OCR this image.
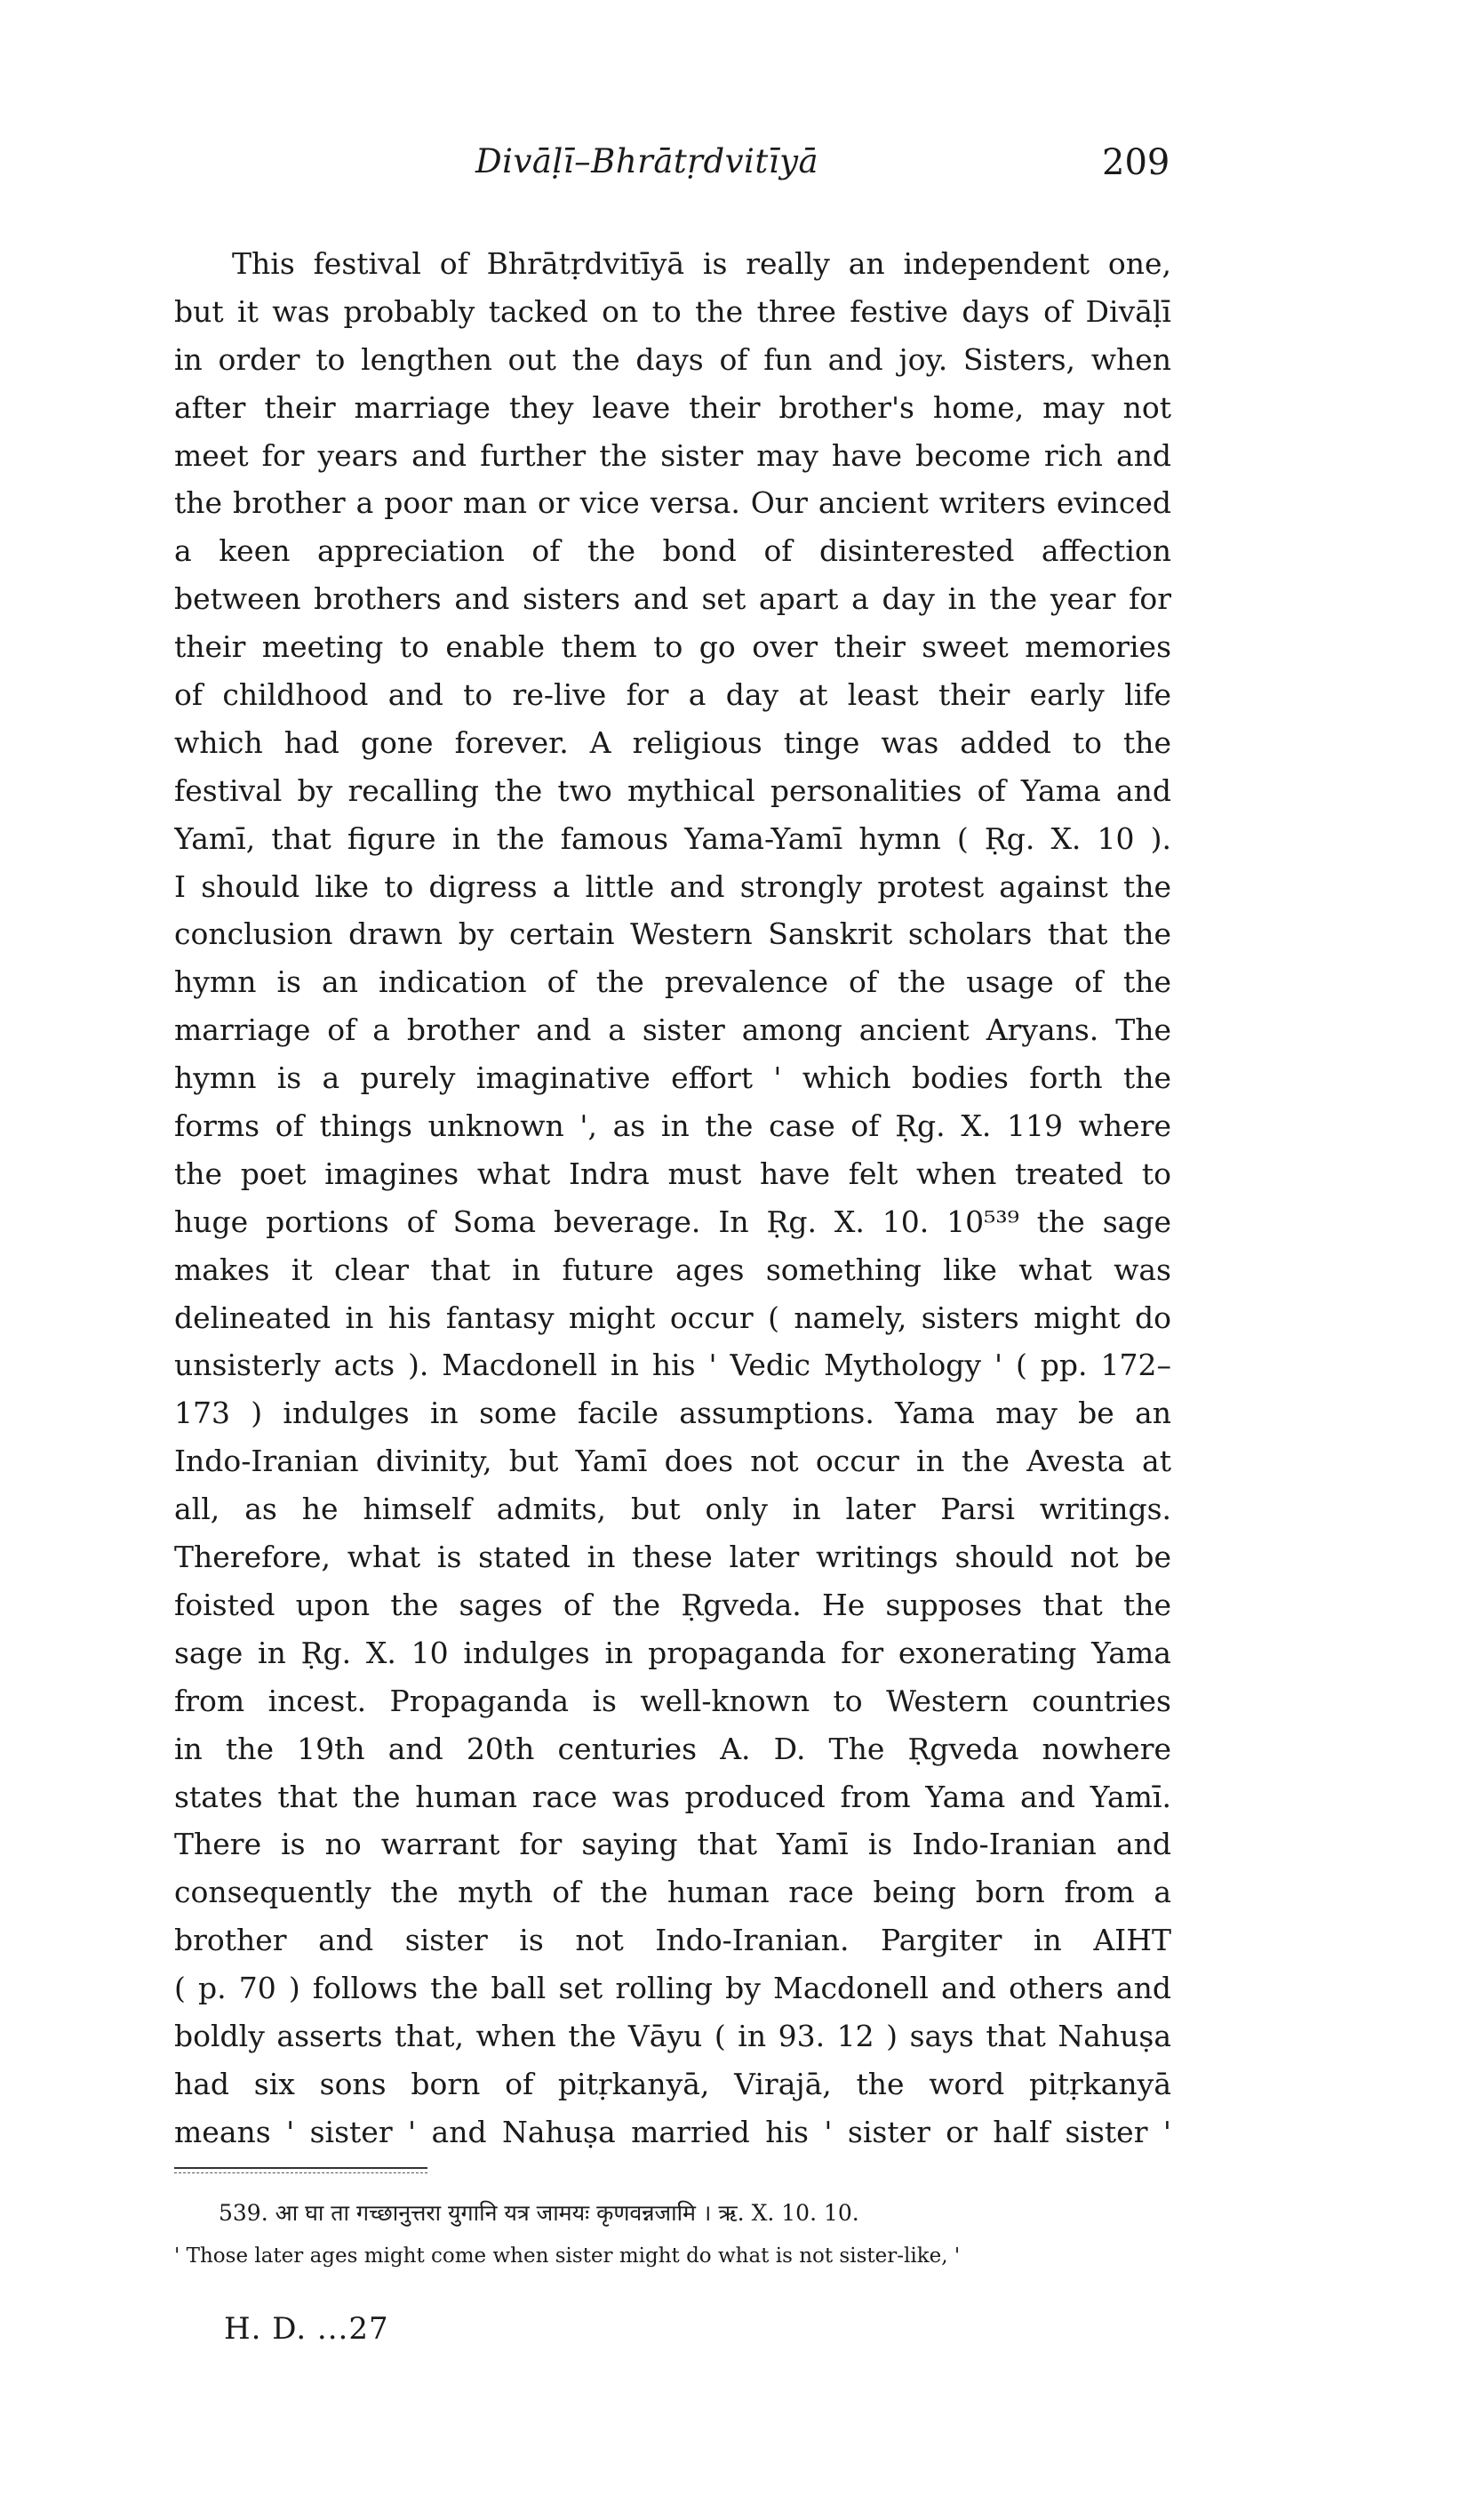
Divāḷī–Bhrātṛdvitīyā	209
This festival of Bhrātṛdvitīyā is really an independent one,
but it was probably tacked on to the three festive days of Divāḷī
in order to lengthen out the days of fun and joy. Sisters, when
after their marriage they leave their brother's home, may not
meet for years and further the sister may have become rich and
the brother a poor man or vice versa. Our ancient writers evinced
a keen appreciation of the bond of disinterested affection
between brothers and sisters and set apart a day in the year for
their meeting to enable them to go over their sweet memories
of childhood and to re-live for a day at least their early life
which had gone forever. A religious tinge was added to the
festival by recalling the two mythical personalities of Yama and
Yamī, that figure in the famous Yama-Yamī hymn ( Ṛg. X. 10 ).
I should like to digress a little and strongly protest against the
conclusion drawn by certain Western Sanskrit scholars that the
hymn is an indication of the prevalence of the usage of the
marriage of a brother and a sister among ancient Aryans. The
hymn is a purely imaginative effort ' which bodies forth the
forms of things unknown ', as in the case of Ṛg. X. 119 where
the poet imagines what Indra must have felt when treated to
huge portions of Soma beverage. In Ṛg. X. 10. 10⁵³⁹ the sage
makes it clear that in future ages something like what was
delineated in his fantasy might occur ( namely, sisters might do
unsisterly acts ). Macdonell in his ' Vedic Mythology ' ( pp. 172–
173 ) indulges in some facile assumptions. Yama may be an
Indo-Iranian divinity, but Yamī does not occur in the Avesta at
all, as he himself admits, but only in later Parsi writings.
Therefore, what is stated in these later writings should not be
foisted upon the sages of the Ṛgveda. He supposes that the
sage in Ṛg. X. 10 indulges in propaganda for exonerating Yama
from incest. Propaganda is well-known to Western countries
in the 19th and 20th centuries A. D. The Ṛgveda nowhere
states that the human race was produced from Yama and Yamī.
There is no warrant for saying that Yamī is Indo-Iranian and
consequently the myth of the human race being born from a
brother and sister is not Indo-Iranian. Pargiter in AIHT
( p. 70 ) follows the ball set rolling by Macdonell and others and
boldly asserts that, when the Vāyu ( in 93. 12 ) says that Nahuṣa
had six sons born of pitṛkanyā, Virajā, the word pitṛkanyā
means ' sister ' and Nahuṣa married his ' sister or half sister '
539. आ घा ता गच्छानुत्तरा युगानि यत्र जामयः कृणवन्नजामि । ऋ. X. 10. 10.
' Those later ages might come when sister might do what is not sister-like, '
H. D. ...27
